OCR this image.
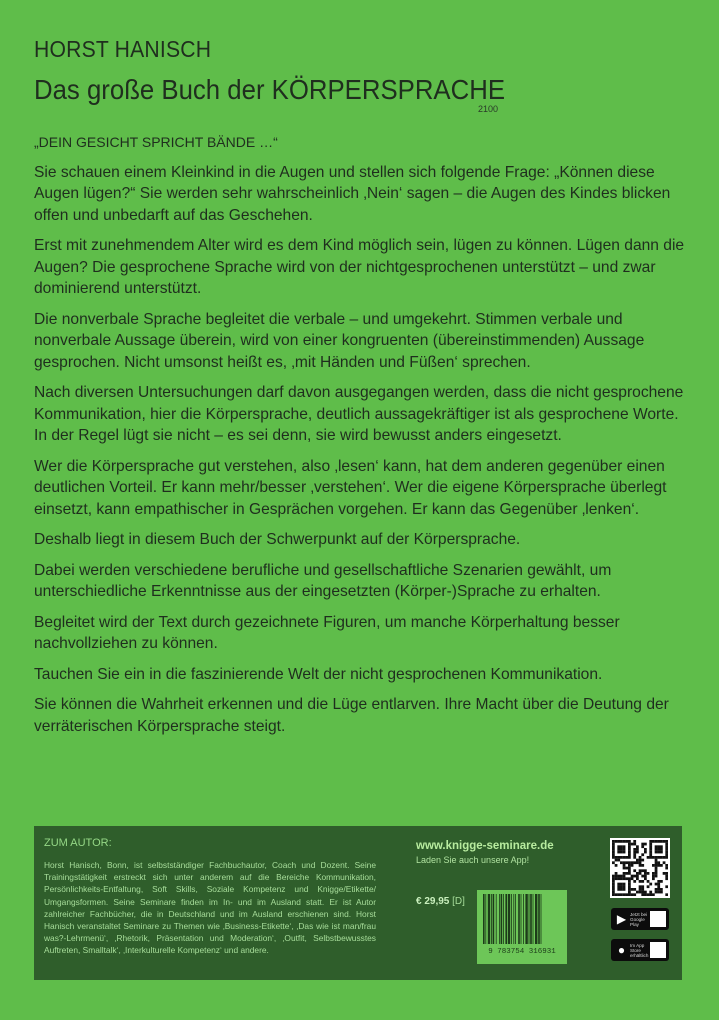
HORST HANISCH
Das große Buch der KÖRPERSPRACHE
2100

„DEIN GESICHT SPRICHT BÄNDE …“

Sie schauen einem Kleinkind in die Augen und stellen sich folgende Frage: „Können diese Augen lügen?“ Sie werden sehr wahrscheinlich ‚Nein‘ sagen – die Augen des Kindes blicken offen und unbedarft auf das Geschehen.

Erst mit zunehmendem Alter wird es dem Kind möglich sein, lügen zu können. Lügen dann die Augen? Die gesprochene Sprache wird von der nichtgesprochenen unterstützt – und zwar dominierend unterstützt.

Die nonverbale Sprache begleitet die verbale – und umgekehrt. Stimmen verbale und nonverbale Aussage überein, wird von einer kongruenten (übereinstimmenden) Aussage gesprochen. Nicht umsonst heißt es, ‚mit Händen und Füßen‘ sprechen.

Nach diversen Untersuchungen darf davon ausgegangen werden, dass die nicht gesprochene Kommunikation, hier die Körpersprache, deutlich aussagekräftiger ist als gesprochene Worte. In der Regel lügt sie nicht – es sei denn, sie wird bewusst anders eingesetzt.

Wer die Körpersprache gut verstehen, also ‚lesen‘ kann, hat dem anderen gegenüber einen deutlichen Vorteil. Er kann mehr/besser ‚verstehen‘. Wer die eigene Körpersprache überlegt einsetzt, kann empathischer in Gesprächen vorgehen. Er kann das Gegenüber ‚lenken‘.

Deshalb liegt in diesem Buch der Schwerpunkt auf der Körpersprache.

Dabei werden verschiedene berufliche und gesellschaftliche Szenarien gewählt, um unterschiedliche Erkenntnisse aus der eingesetzten (Körper-)Sprache zu erhalten.

Begleitet wird der Text durch gezeichnete Figuren, um manche Körperhaltung besser nachvollziehen zu können.

Tauchen Sie ein in die faszinierende Welt der nicht gesprochenen Kommunikation.

Sie können die Wahrheit erkennen und die Lüge entlarven. Ihre Macht über die Deutung der verräterischen Körpersprache steigt.

ZUM AUTOR:
Horst Hanisch, Bonn, ist selbstständiger Fachbuchautor, Coach und Dozent. Seine Trainingstätigkeit erstreckt sich unter anderem auf die Bereiche Kommunikation, Persönlichkeits-Entfaltung, Soft Skills, Soziale Kompetenz und Knigge/Etikette/ Umgangsformen. Seine Seminare finden im In- und im Ausland statt. Er ist Autor zahlreicher Fachbücher, die in Deutschland und im Ausland erschienen sind. Horst Hanisch veranstaltet Seminare zu Themen wie ‚Business-Etikette‘, ‚Das wie ist man/frau was?-Lehrmenü‘, ‚Rhetorik, Präsentation und Moderation‘, ‚Outfit, Selbstbewusstes Auftreten, Smalltalk‘, ‚Interkulturelle Kompetenz‘ und andere.
www.knigge-seminare.de
Laden Sie auch unsere App!
€ 29,95 [D]
9 783754 316931
▶ Jetzt bei Google Play
●	Im App Store erhältlich
